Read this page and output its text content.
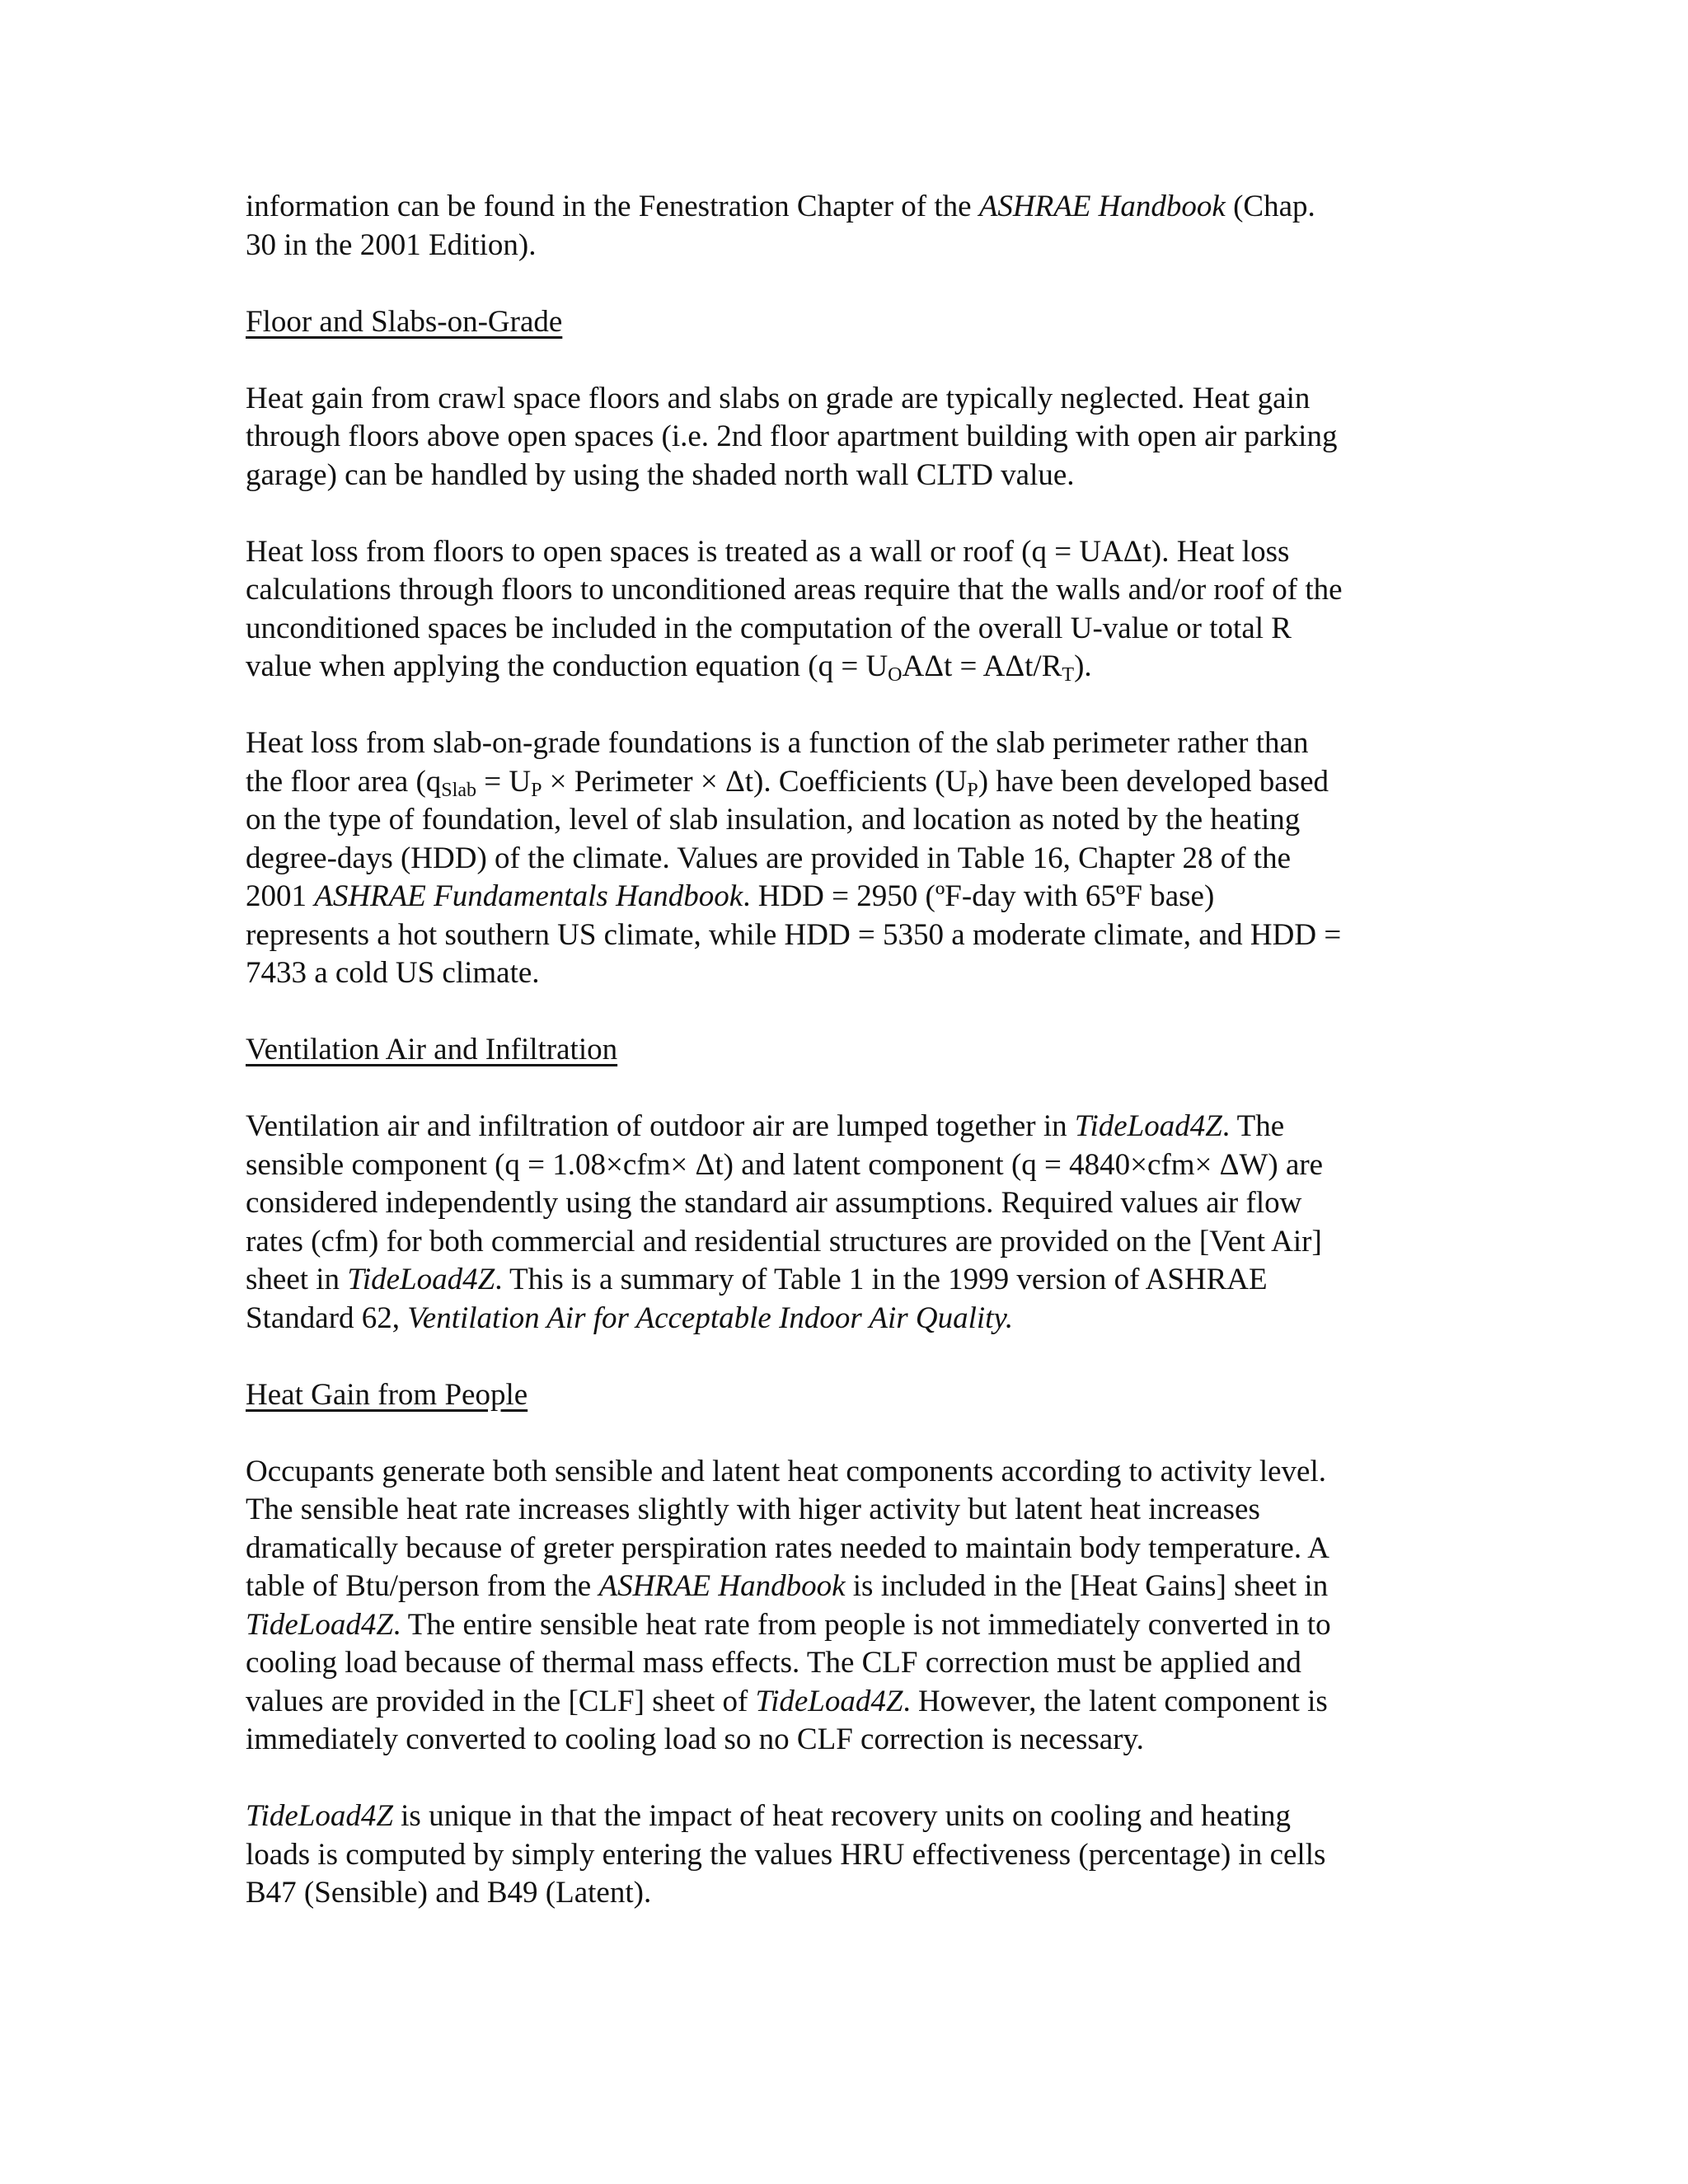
information can be found in the Fenestration Chapter of the ASHRAE Handbook (Chap.
30 in the 2001 Edition).

Floor and Slabs-on-Grade

Heat gain from crawl space floors and slabs on grade are typically neglected. Heat gain
through floors above open spaces (i.e. 2nd floor apartment building with open air parking
garage) can be handled by using the shaded north wall CLTD value.

Heat loss from floors to open spaces is treated as a wall or roof (q = UAΔt). Heat loss
calculations through floors to unconditioned areas require that the walls and/or roof of the
unconditioned spaces be included in the computation of the overall U-value or total R
value when applying the conduction equation $(q = U_OA\Delta t = A\Delta t/R_T)$.

Heat loss from slab-on-grade foundations is a function of the slab perimeter rather than
the floor area ($q_{Slab} = U_P$ × Perimeter × Δt). Coefficients $(U_P)$ have been developed based
on the type of foundation, level of slab insulation, and location as noted by the heating
degree-days (HDD) of the climate. Values are provided in Table 16, Chapter 28 of the
2001 ASHRAE Fundamentals Handbook. HDD = 2950 (ºF-day with 65ºF base)
represents a hot southern US climate, while HDD = 5350 a moderate climate, and HDD =
7433 a cold US climate.

Ventilation Air and Infiltration

Ventilation air and infiltration of outdoor air are lumped together in TideLoad4Z. The
sensible component (q = 1.08×cfm× Δt) and latent component (q = 4840×cfm× ΔW) are
considered independently using the standard air assumptions. Required values air flow
rates (cfm) for both commercial and residential structures are provided on the [Vent Air]
sheet in TideLoad4Z. This is a summary of Table 1 in the 1999 version of ASHRAE
Standard 62, Ventilation Air for Acceptable Indoor Air Quality.

Heat Gain from People

Occupants generate both sensible and latent heat components according to activity level.
The sensible heat rate increases slightly with higer activity but latent heat increases
dramatically because of greter perspiration rates needed to maintain body temperature. A
table of Btu/person from the ASHRAE Handbook is included in the [Heat Gains] sheet in
TideLoad4Z. The entire sensible heat rate from people is not immediately converted in to
cooling load because of thermal mass effects. The CLF correction must be applied and
values are provided in the [CLF] sheet of TideLoad4Z. However, the latent component is
immediately converted to cooling load so no CLF correction is necessary.

TideLoad4Z is unique in that the impact of heat recovery units on cooling and heating
loads is computed by simply entering the values HRU effectiveness (percentage) in cells
B47 (Sensible) and B49 (Latent).
